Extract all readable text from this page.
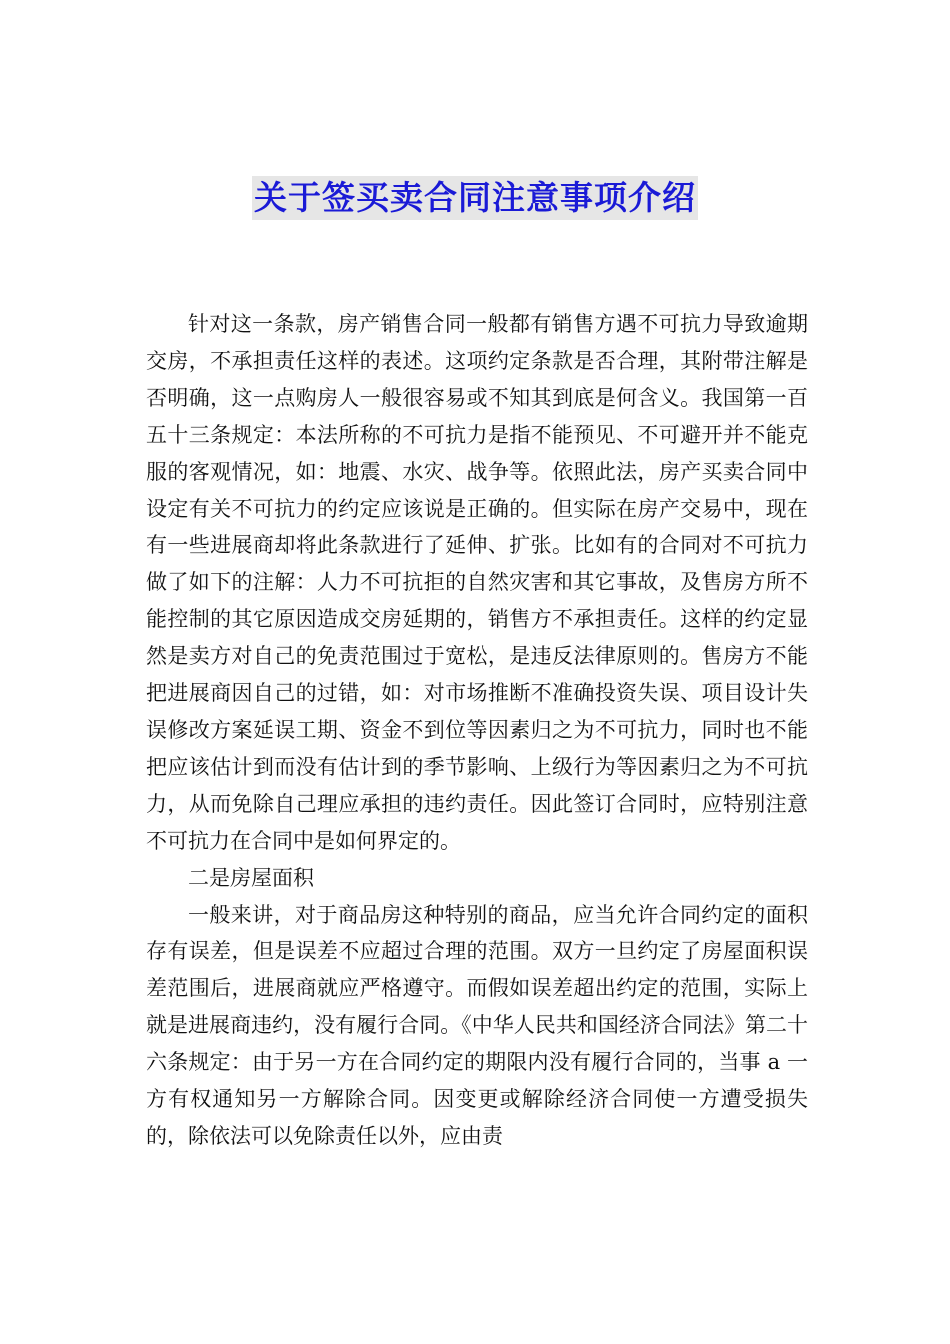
关于签买卖合同注意事项介绍

针对这一条款，房产销售合同一般都有销售方遇不可抗力导致逾期交房，不承担责任这样的表述。这项约定条款是否合理，其附带注解是否明确，这一点购房人一般很容易或不知其到底是何含义。我国第一百五十三条规定：本法所称的不可抗力是指不能预见、不可避开并不能克服的客观情况，如：地震、水灾、战争等。依照此法，房产买卖合同中设定有关不可抗力的约定应该说是正确的。但实际在房产交易中，现在有一些进展商却将此条款进行了延伸、扩张。比如有的合同对不可抗力做了如下的注解：人力不可抗拒的自然灾害和其它事故，及售房方所不能控制的其它原因造成交房延期的，销售方不承担责任。这样的约定显然是卖方对自己的免责范围过于宽松，是违反法律原则的。售房方不能把进展商因自己的过错，如：对市场推断不准确投资失误、项目设计失误修改方案延误工期、资金不到位等因素归之为不可抗力，同时也不能把应该估计到而没有估计到的季节影响、上级行为等因素归之为不可抗力，从而免除自己理应承担的违约责任。因此签订合同时，应特别注意不可抗力在合同中是如何界定的。

二是房屋面积

一般来讲，对于商品房这种特别的商品，应当允许合同约定的面积存有误差，但是误差不应超过合理的范围。双方一旦约定了房屋面积误差范围后，进展商就应严格遵守。而假如误差超出约定的范围，实际上就是进展商违约，没有履行合同。《中华人民共和国经济合同法》第二十六条规定：由于另一方在合同约定的期限内没有履行合同的，当事 a 一方有权通知另一方解除合同。因变更或解除经济合同使一方遭受损失的，除依法可以免除责任以外，应由责
